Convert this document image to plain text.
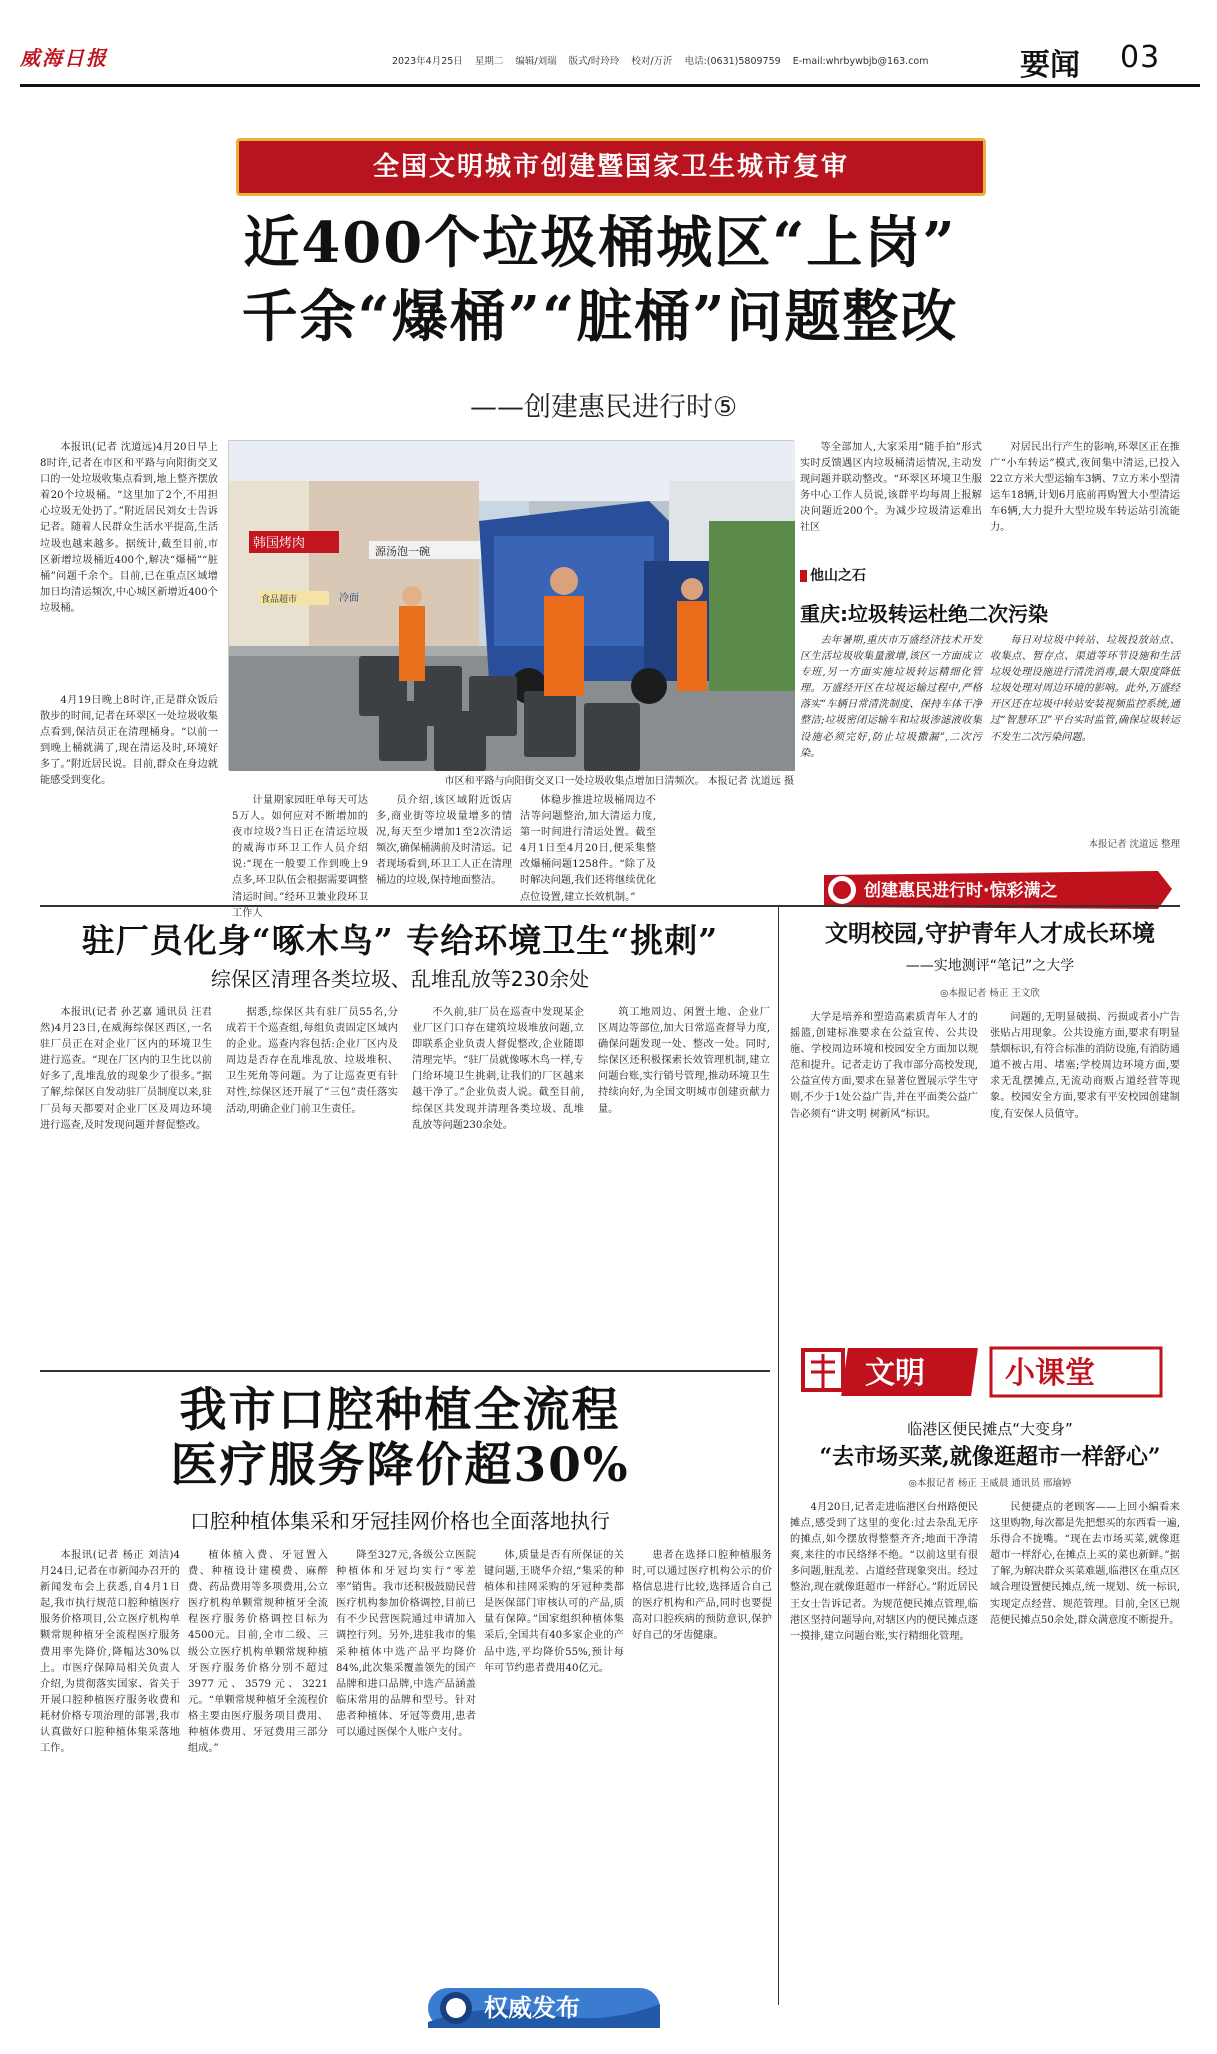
威海日报	2023年4月25日 星期二 编辑/刘瑞 版式/时玲玲 校对/万沂 电话:(0631)5809759 E-mail:whrbywbjb@163.com	要闻 03
全国文明城市创建暨国家卫生城市复审
近400个垃圾桶城区“上岗”
千余“爆桶”“脏桶”问题整改
——创建惠民进行时⑤

本报讯(记者 沈道远)4月20日早上8时许,记者在市区和平路与向阳街交叉口的一处垃圾收集点看到,地上整齐摆放着20个垃圾桶。“这里加了2个,不用担心垃圾无处扔了。”附近居民刘女士告诉记者。随着人民群众生活水平提高,生活垃圾也越来越多。据统计,截至目前,市区新增垃圾桶近400个,解决“爆桶”“脏桶”问题千余个。目前,已在重点区域增加日均清运频次,中心城区新增近400个垃圾桶。

4月19日晚上8时许,正是群众饭后散步的时间,记者在环翠区一处垃圾收集点看到,保洁员正在清理桶身。“以前一到晚上桶就满了,现在清运及时,环境好多了。”附近居民说。目前,群众在身边就能感受到变化。

韩国烤肉
源汤泡一碗
食品超市	冷面
市区和平路与向阳街交叉口一处垃圾收集点增加日清频次。 本报记者 沈道远 摄

计量期家园旺单每天可达5万人。如何应对不断增加的夜市垃圾?当日正在清运垃圾的威海市环卫工作人员介绍说:“现在一般要工作到晚上9点多,环卫队伍会根据需要调整清运时间。”经环卫兼业段环卫工作人

员介绍,该区域附近饭店多,商业街等垃圾量增多的情况,每天至少增加1至2次清运频次,确保桶满前及时清运。记者现场看到,环卫工人正在清理桶边的垃圾,保持地面整洁。

体稳步推进垃圾桶周边不洁等问题整治,加大清运力度,第一时间进行清运处置。截至4月1日至4月20日,便采集整改爆桶问题1258件。“除了及时解决问题,我们还将继续优化点位设置,建立长效机制。”

等全部加人,大家采用“随手拍”形式实时反馈遇区内垃圾桶清运情况,主动发现问题并联动整改。“环翠区环境卫生服务中心工作人员说,该群平均每周上报解决问题近200个。为减少垃圾清运难出社区

对居民出行产生的影响,环翠区正在推广“小车转运”模式,夜间集中清运,已投入22立方米大型运输车3辆、7立方米小型清运车18辆,计划6月底前再购置大小型清运车6辆,大力提升大型垃圾车转运站引流能力。

他山之石
重庆:垃圾转运杜绝二次污染

去年暑期,重庆市万盛经济技术开发区生活垃圾收集量激增,该区一方面成立专班,另一方面实施垃圾转运精细化管理。万盛经开区在垃圾运输过程中,严格落实“车辆日常清洗制度、保持车体干净整洁;垃圾密闭运输车和垃圾渗滤液收集设施必须完好,防止垃圾撒漏”,二次污染。

每日对垃圾中转站、垃圾投放站点、收集点、暂存点、渠道等环节设施和生活垃圾处理设施进行清洗消毒,最大限度降低垃圾处理对周边环境的影响。此外,万盛经开区还在垃圾中转站安装视频监控系统,通过“智慧环卫”平台实时监管,确保垃圾转运不发生二次污染问题。

本报记者 沈道远 整理
创建惠民进行时·惊彩满之
驻厂员化身“啄木鸟” 专给环境卫生“挑刺”
综保区清理各类垃圾、乱堆乱放等230余处

本报讯(记者 孙艺嘉 通讯员 汪君然)4月23日,在威海综保区西区,一名驻厂员正在对企业厂区内的环境卫生进行巡查。“现在厂区内的卫生比以前好多了,乱堆乱放的现象少了很多。”据了解,综保区自发动驻厂员制度以来,驻厂员每天都要对企业厂区及周边环境进行巡查,及时发现问题并督促整改。

据悉,综保区共有驻厂员55名,分成若干个巡查组,每组负责固定区域内的企业。巡查内容包括:企业厂区内及周边是否存在乱堆乱放、垃圾堆积、卫生死角等问题。为了让巡查更有针对性,综保区还开展了“三包”责任落实活动,明确企业门前卫生责任。

不久前,驻厂员在巡查中发现某企业厂区门口存在建筑垃圾堆放问题,立即联系企业负责人督促整改,企业随即清理完毕。“驻厂员就像啄木鸟一样,专门给环境卫生挑刺,让我们的厂区越来越干净了。”企业负责人说。截至目前,综保区共发现并清理各类垃圾、乱堆乱放等问题230余处。

筑工地周边、闲置土地、企业厂区周边等部位,加大日常巡查督导力度,确保问题发现一处、整改一处。同时,综保区还积极探索长效管理机制,建立问题台账,实行销号管理,推动环境卫生持续向好,为全国文明城市创建贡献力量。

文明校园,守护青年人才成长环境
——实地测评“笔记”之大学
◎本报记者 杨正 王文欣

大学是培养和塑造高素质青年人才的摇篮,创建标准要求在公益宣传、公共设施、学校周边环境和校园安全方面加以规范和提升。记者走访了我市部分高校发现,公益宣传方面,要求在显著位置展示学生守则,不少于1处公益广告,并在平面类公益广告必须有“讲文明 树新风”标识。

问题的,无明显破损、污损或者小广告张贴占用现象。公共设施方面,要求有明显禁烟标识,有符合标准的消防设施,有消防通道不被占用、堵塞;学校周边环境方面,要求无乱摆摊点,无流动商贩占道经营等现象。校园安全方面,要求有平安校园创建制度,有安保人员值守。

我市口腔种植全流程
医疗服务降价超30%
口腔种植体集采和牙冠挂网价格也全面落地执行

本报讯(记者 杨正 刘洁)4月24日,记者在市新闻办召开的新闻发布会上获悉,自4月1日起,我市执行规范口腔种植医疗服务价格项目,公立医疗机构单颗常规种植牙全流程医疗服务费用率先降价,降幅达30%以上。市医疗保障局相关负责人介绍,为贯彻落实国家、省关于开展口腔种植医疗服务收费和耗材价格专项治理的部署,我市认真做好口腔种植体集采落地工作。

植体植入费、牙冠置入费、种植设计建模费、麻醉费、药品费用等多项费用,公立医疗机构单颗常规种植牙全流程医疗服务价格调控目标为4500元。目前,全市二级、三级公立医疗机构单颗常规种植牙医疗服务价格分别不超过3977元、3579元、3221元。“单颗常规种植牙全流程价格主要由医疗服务项目费用、种植体费用、牙冠费用三部分组成。”

降至327元,各级公立医院种植体和牙冠均实行“零差率”销售。我市还积极鼓励民营医疗机构参加价格调控,目前已有不少民营医院通过申请加入调控行列。另外,进驻我市的集采种植体中选产品平均降价84%,此次集采覆盖领先的国产品牌和进口品牌,中选产品涵盖临床常用的品牌和型号。针对患者种植体、牙冠等费用,患者可以通过医保个人账户支付。

体,质量是否有所保证的关键问题,王晓华介绍,“集采的种植体和挂网采购的牙冠种类都是医保部门审核认可的产品,质量有保障。”国家组织种植体集采后,全国共有40多家企业的产品中选,平均降价55%,预计每年可节约患者费用40亿元。

患者在选择口腔种植服务时,可以通过医疗机构公示的价格信息进行比较,选择适合自己的医疗机构和产品,同时也要提高对口腔疾病的预防意识,保护好自己的牙齿健康。

权威发布
文明	小课堂
临港区便民摊点“大变身”
“去市场买菜,就像逛超市一样舒心”
◎本报记者 杨正 王威晨 通讯员 邢瑜婷

4月20日,记者走进临港区台州路便民摊点,感受到了这里的变化:过去杂乱无序的摊点,如今摆放得整整齐齐;地面干净清爽,来往的市民络绎不绝。“以前这里有很多问题,脏乱差、占道经营现象突出。经过整治,现在就像逛超市一样舒心。”附近居民王女士告诉记者。为规范便民摊点管理,临港区坚持问题导向,对辖区内的便民摊点逐一摸排,建立问题台账,实行精细化管理。

民便捷点的老顾客——上回小编看来这里购物,每次都是先把想买的东西看一遍,乐得合不拢嘴。“现在去市场买菜,就像逛超市一样舒心,在摊点上买的菜也新鲜。”据了解,为解决群众买菜难题,临港区在重点区域合理设置便民摊点,统一规划、统一标识,实现定点经营、规范管理。目前,全区已规范便民摊点50余处,群众满意度不断提升。
